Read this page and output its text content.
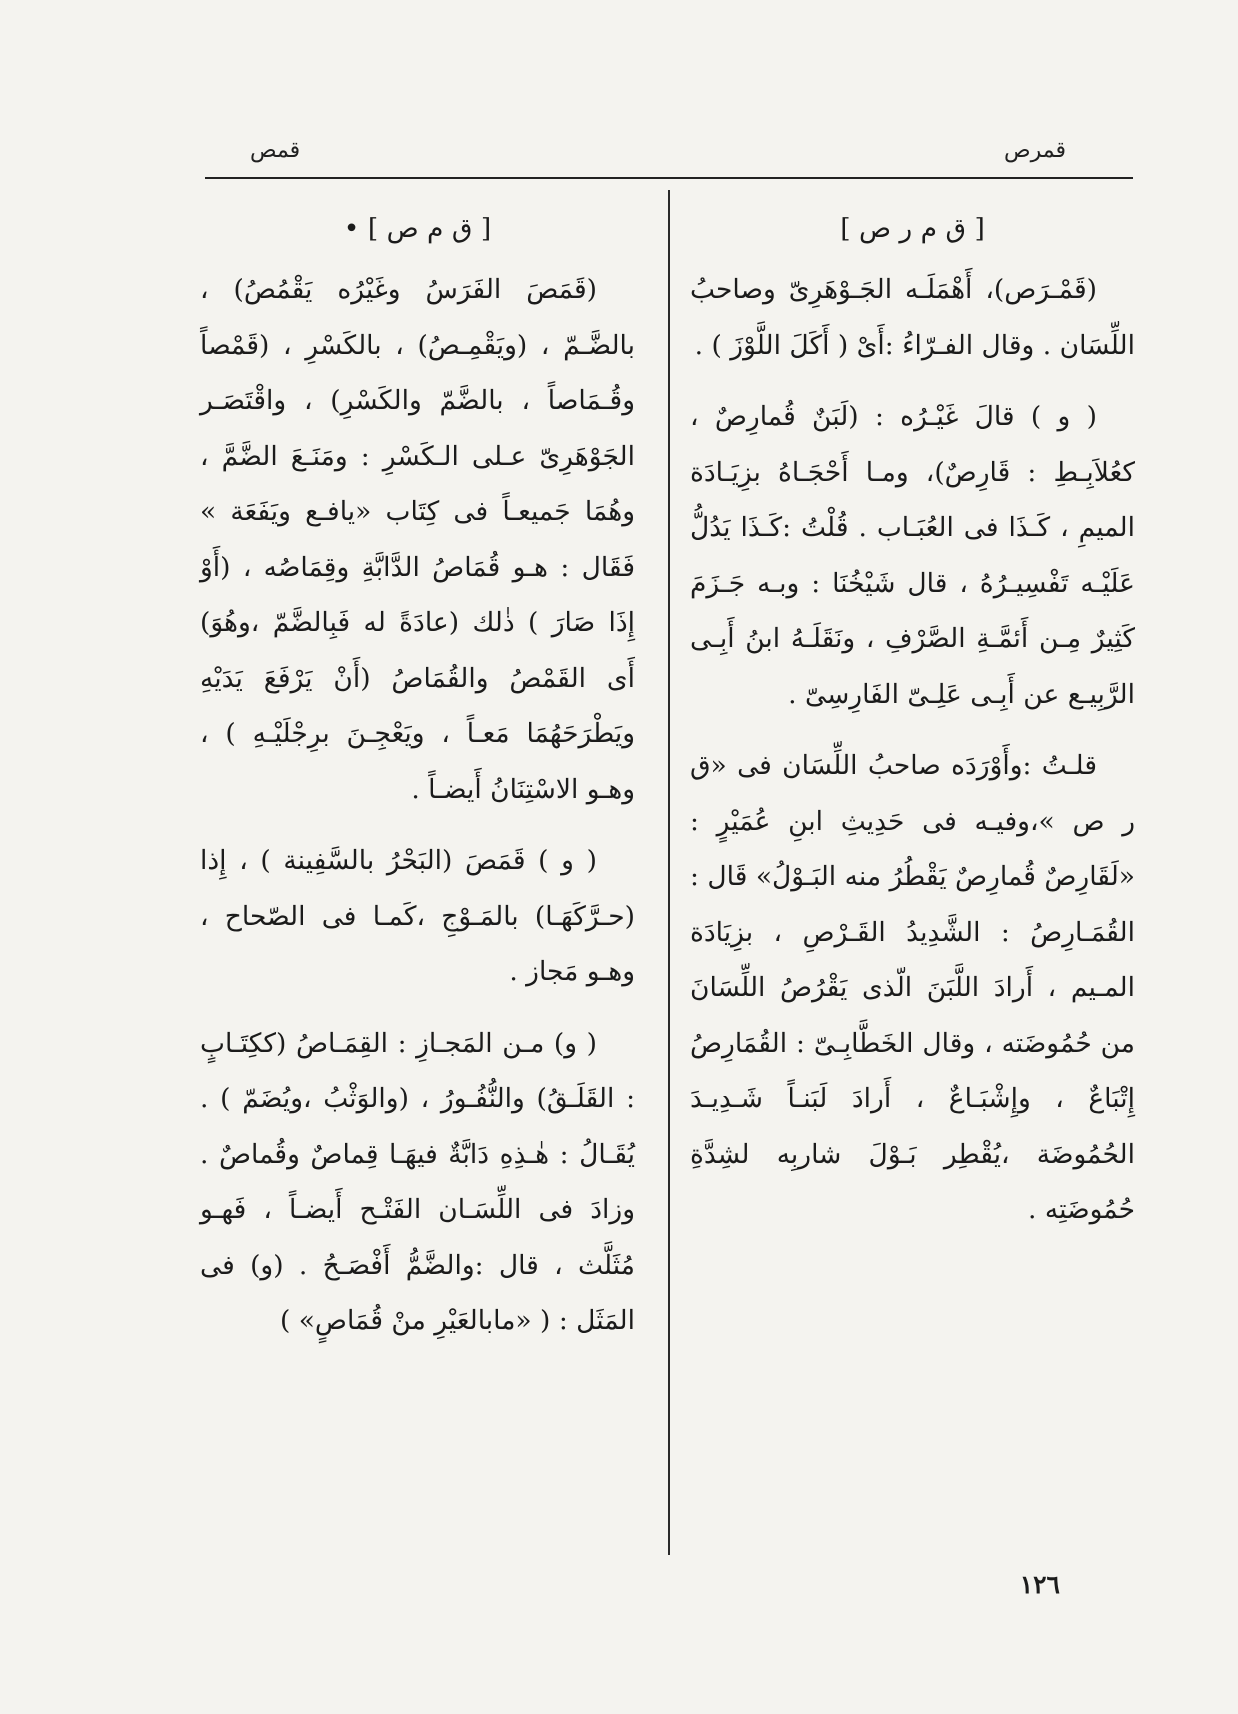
قمرص
قمص
[ ق م ر ص ]

(قَمْـرَص)، أَهْمَلَـه الجَـوْهَرِىّ وصاحبُ اللِّسَان . وقال الفـرّاءُ :أَىْ ( أَكَلَ اللَّوْزَ ) .

( و ) قالَ غَيْـرُه : (لَبَنٌ قُمارِصٌ ، كعُلاَبِـطِ : قَارِصٌ)، ومـا أَحْجَـاهُ بزِيَـادَة الميمِ ، كَـذَا فى العُبَـاب . قُلْتُ :كَـذَا يَدُلُّ عَلَيْـه تَفْسِيـرُهُ ، قال شَيْخُنَا : وبـه جَـزَمَ كَثِيرٌ مِـن أَئمَّـةِ الصَّرْفِ ، ونَقَلَـهُ ابنُ أَبِـى الرَّبِيـع عن أَبِـى عَلِـىّ الفَارِسِىّ .

قلـتُ :وأَوْرَدَه صاحبُ اللِّسَان فى «ق ر ص »،وفيـه فى حَدِيثِ ابنِ عُمَيْرٍ : «لَقَارِصٌ قُمارِصٌ يَقْطُرُ منه البَـوْلُ» قَال : القُمَـارِصُ : الشَّدِيدُ القَـرْصِ ، بزِيَادَة المـيم ، أَرادَ اللَّبَنَ الّذى يَقْرُصُ اللِّسَانَ من حُمُوضَته ، وقال الخَطَّابِـىّ : القُمَارِصُ إِتْبَاعٌ ، وإِشْبَـاعٌ ، أَرادَ لَبَنـاً شَـدِيـدَ الحُمُوضَة ،يُقْطِر بَـوْلَ شاربِه لشِدَّةِ حُمُوضَتِه .

[ ق م ص ] •

(قَمَصَ الفَرَسُ وغَيْرُه يَقْمُصُ) ، بالضَّـمّ ، (ويَقْمِـصُ) ، بالكَسْرِ ، (قَمْصاً وقُـمَاصاً ، بالضَّمّ والكَسْرِ) ، واقْتَصَـر الجَوْهَرِىّ عـلى الـكَسْرِ : ومَنَـعَ الضَّمَّ ، وهُمَا جَميعـاً فى كِتَاب «يافـع ويَفَعَة » فَقَال : هـو قُمَاصُ الدَّابَّةِ وقِمَاصُه ، (أَوْ إِذَا صَارَ ) ذٰلك (عادَةً له فَبِالضَّمّ ،وهُوَ) أَى القَمْصُ والقُمَاصُ (أَنْ يَرْفَعَ يَدَيْهِ ويَطْرَحَهُمَا مَعـاً ، ويَعْجِـنَ برِجْلَيْـهِ ) ، وهـو الاسْتِنَانُ أَيضـاً .

( و ) قَمَصَ (البَحْرُ بالسَّفِينة ) ، إِذا (حـرَّكَهَـا) بالمَـوْجِ ،كَمـا فى الصّحاح ، وهـو مَجاز .

( و) مـن المَجـازِ : القِمَـاصُ (ككِتَـابٍ : القَلَـقُ) والنُّفُـورُ ، (والوَثْبُ ،ويُضَمّ ) . يُقَـالُ : هٰـذِهِ دَابَّةٌ فيهَـا قِماصٌ وقُماصٌ . وزادَ فى اللِّسَـان الفَتْـح أَيضـاً ، فَهـو مُثَلَّث ، قال :والضَّمُّ أَفْصَـحُ . (و) فى المَثَل : ( «مابالعَيْرِ منْ قُمَاصٍ» )

١٢٦
